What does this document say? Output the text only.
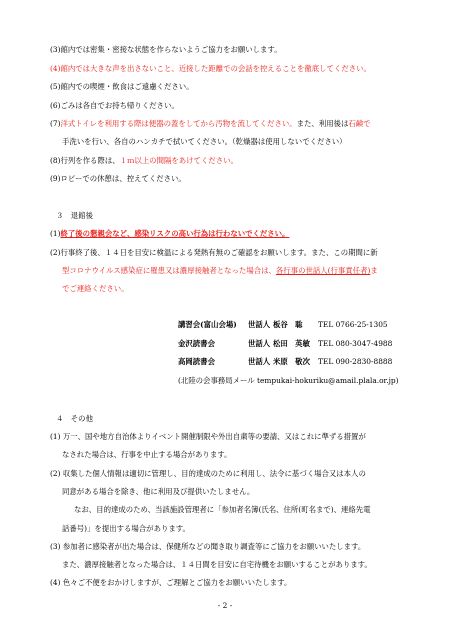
(3)館内では密集・密接な状態を作らないようご協力をお願いします。
(4)館内では大きな声を出さないこと、近接した距離での会話を控えることを徹底してください。
(5)館内での喫煙・飲食はご遠慮ください。
(6)ごみは各自でお持ち帰りください。
(7)洋式トイレを利用する際は便器の蓋をしてから汚物を流してください。また、利用後は石鹸で
手洗いを行い、各自のハンカチで拭いてください。（乾燥器は使用しないでください）
(8)行列を作る際は、１ｍ以上の間隔をあけてください。
(9)ロビーでの休憩は、控えてください。
３　退館後
(1)終了後の懇親会など、感染リスクの高い行為は行わないでください。
(2)行事終了後、１４日を目安に検温による発熱有無のご確認をお願いします。また、この期間に新
型コロナウイルス感染症に罹患又は濃厚接触者となった場合は、各行事の世話人(行事責任者)ま
でご連絡ください。
講習会(富山会場) 世話人 板谷　聡 TEL 0766-25-1305
金沢読書会	世話人 松田　英敏 TEL 080-3047-4988
高岡読書会	世話人 米原　敬次 TEL 090-2830-8888
(北陸の会事務局メール tempukai-hokuriku@amail.plala.or.jp)
４　その他
(1) 万一、国や地方自治体よりイベント開催制限や外出自粛等の要請、又はこれに準ずる措置が
なされた場合は、行事を中止する場合があります。
(2) 収集した個人情報は適切に管理し、目的達成のために利用し、法令に基づく場合又は本人の
同意がある場合を除き、他に利用及び提供いたしません。
なお、目的達成のため、当該施設管理者に「参加者名簿(氏名、住所(町名まで)、連絡先電
話番号)」を提出する場合があります。
(3) 参加者に感染者が出た場合は、保健所などの聞き取り調査等にご協力をお願いいたします。
また、濃厚接触者となった場合は、１４日間を目安に自宅待機をお願いすることがあります。
(4) 色々ご不便をおかけしますが、ご理解とご協力をお願いいたします。
- 2 -
